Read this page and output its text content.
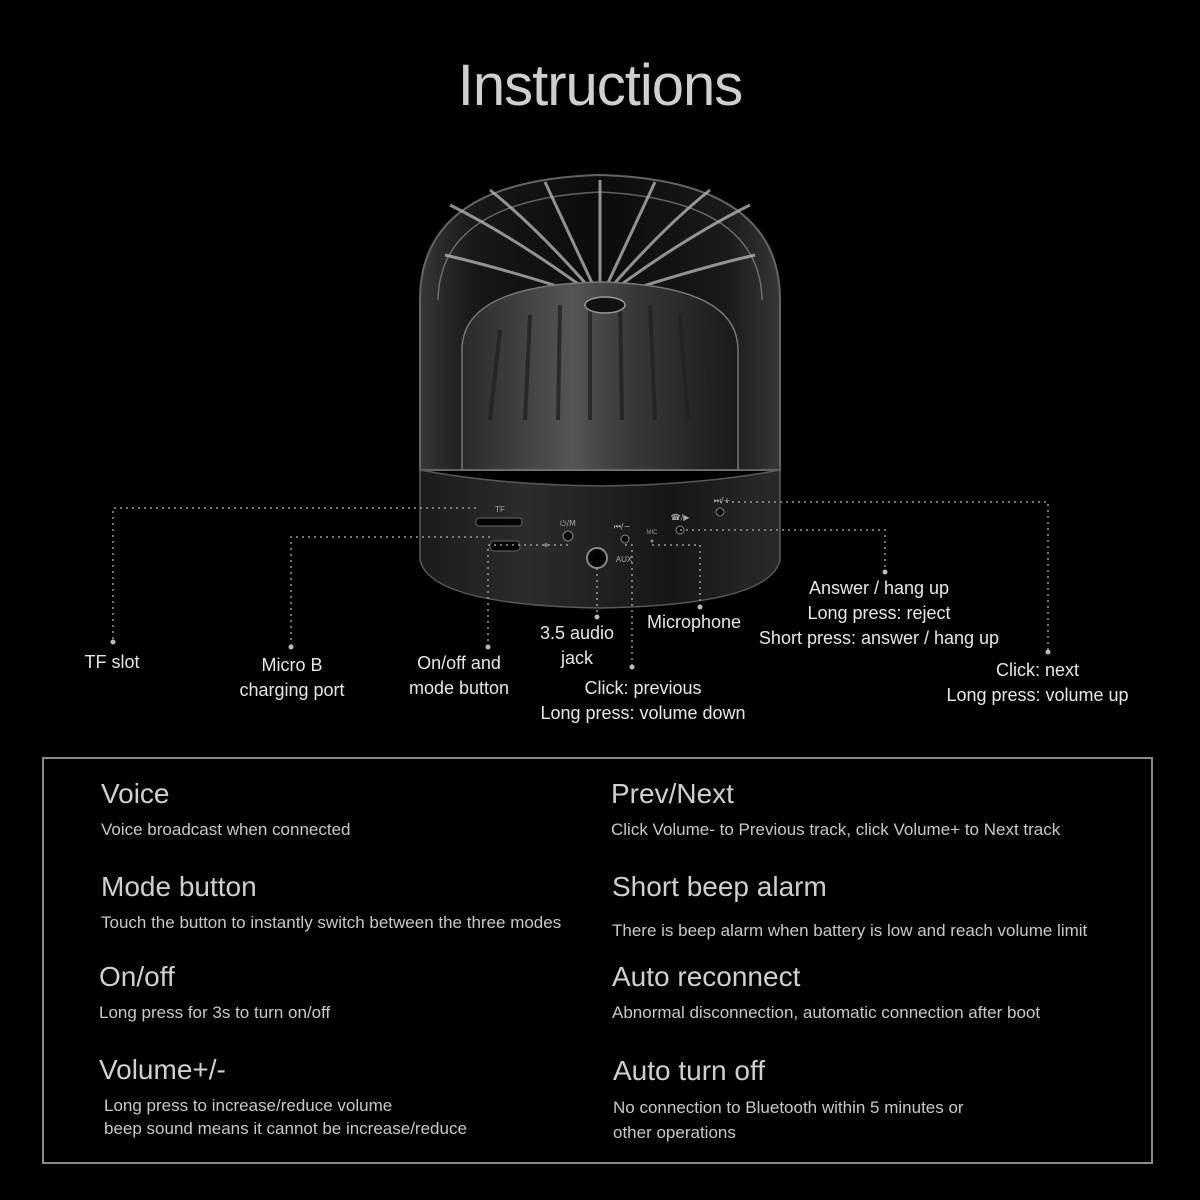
Instructions
TF
⏻/M
AUX
⏮/−
MIC
☎/▶
⏭/+
TF slot	Micro B
charging port
On/off and
mode button
3.5 audio
jack
Microphone
Click: previous
Long press: volume down
Answer / hang up
Long press: reject
Short press: answer / hang up
Click: next
Long press: volume up
Voice
Voice broadcast when connected
Prev/Next
Click Volume- to Previous track, click Volume+ to Next track
Mode button
Touch the button to instantly switch between the three modes
Short beep alarm
There is beep alarm when battery is low and reach volume limit
On/off
Long press for 3s to turn on/off
Auto reconnect
Abnormal disconnection, automatic connection after boot
Volume+/-
Long press to increase/reduce volume
beep sound means it cannot be increase/reduce
Auto turn off
No connection to Bluetooth within 5 minutes or
other operations
